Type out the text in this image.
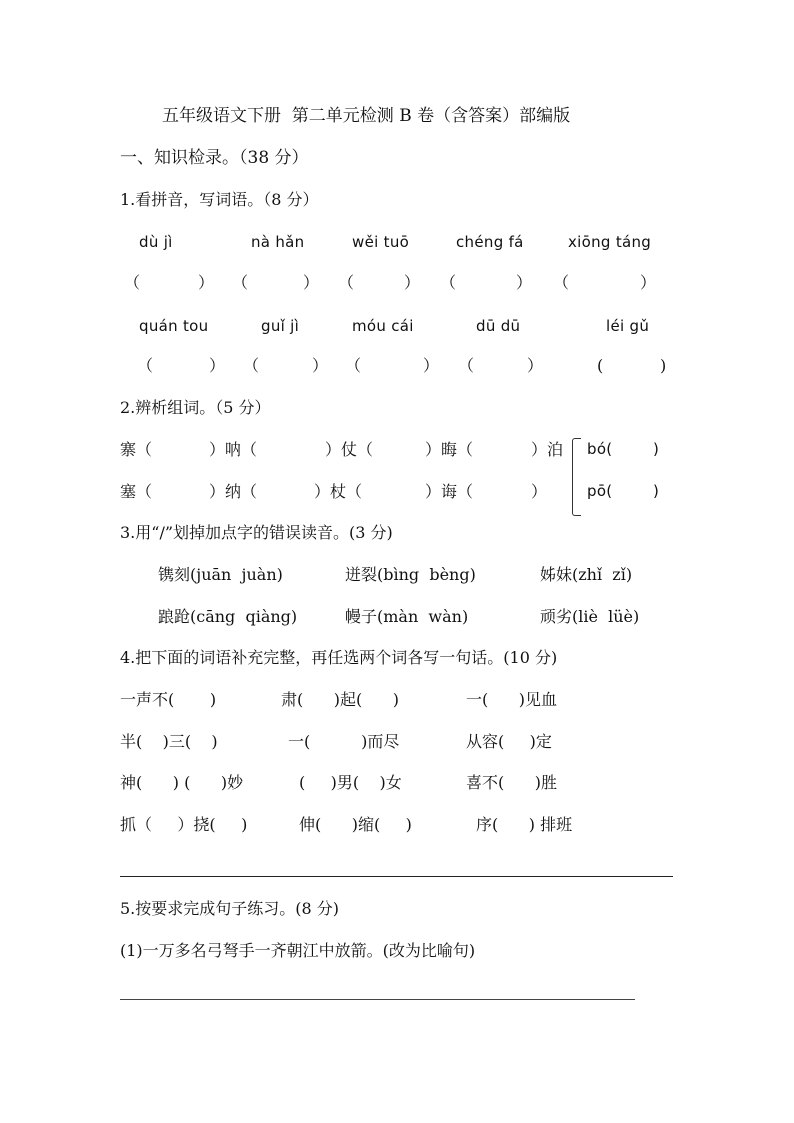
五年级语文下册  第二单元检测 B 卷（含答案）部编版
一、知识检录。（38 分）
1.看拼音，写词语。（8 分）
dù jì	nà hǎn	wěi tuō	chéng fá	xiōng táng
（	） （	） （	） （	） （	）
quán tou	guǐ jì	móu cái	dū dū	léi gǔ
（	） （	） （	） （	）	(	)
2.辨析组词。（5 分）
寨（	）呐（	）仗（	）晦（	）泊
塞（	）纳（	）杖（	）诲（	）
bó(        )
pō(        )
3.用“/”划掉加点字的错误读音。(3 分)
镌刻(juān  juàn)	迸裂(bìng  bèng)	姊妹(zhǐ  zǐ)
踉跄(cāng  qiàng)	幔子(màn  wàn)	顽劣(liè  lüè)
4.把下面的词语补充完整，再任选两个词各写一句话。(10 分)
一声不(       )	肃(      )起(      )	一(      )见血
半(    )三(    )	一(          )而尽	从容(     )定
神(      ) (      )妙	(     )男(    )女	喜不(      )胜
抓（     ）挠(     )	伸(      )缩(     )	序(      ) 排班
5.按要求完成句子练习。(8 分)
(1)一万多名弓弩手一齐朝江中放箭。(改为比喻句)
